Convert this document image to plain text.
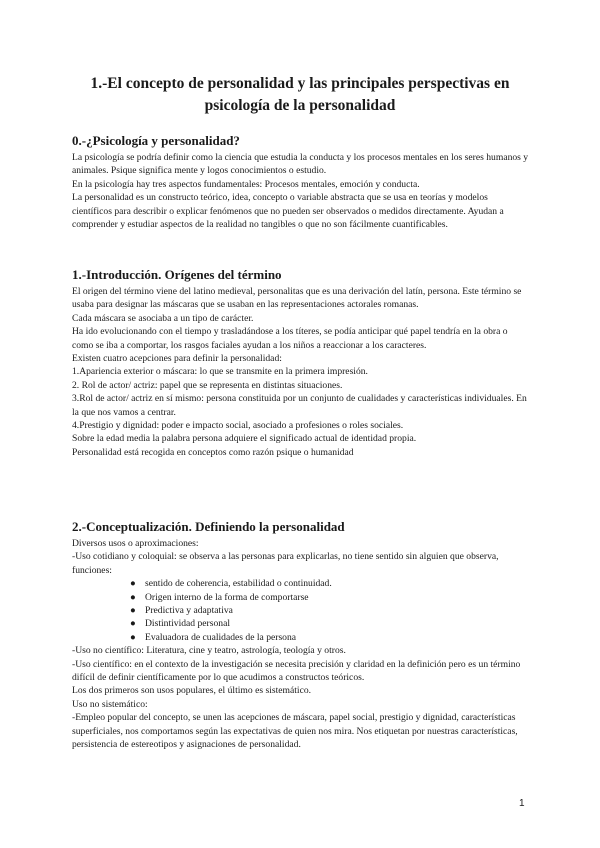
1.-El concepto de personalidad y las principales perspectivas en psicología de la personalidad
0.-¿Psicología y personalidad?

La psicología se podría definir como la ciencia que estudia la conducta y los procesos mentales en los seres humanos y animales. Psique significa mente y logos conocimientos o estudio.

En la psicología hay tres aspectos fundamentales: Procesos mentales, emoción y conducta.

La personalidad es un constructo teórico, idea, concepto o variable abstracta que se usa en teorías y modelos científicos para describir o explicar fenómenos que no pueden ser observados o medidos directamente. Ayudan a comprender y estudiar aspectos de la realidad no tangibles o que no son fácilmente cuantificables.

1.-Introducción. Orígenes del término

El origen del término viene del latino medieval, personalitas que es una derivación del latín, persona. Este término se usaba para designar las máscaras que se usaban en las representaciones actorales romanas.

Cada máscara se asociaba a un tipo de carácter.

Ha ido evolucionando con el tiempo y trasladándose a los títeres, se podía anticipar qué papel tendría en la obra o como se iba a comportar, los rasgos faciales ayudan a los niños a reaccionar a los caracteres.

Existen cuatro acepciones para definir la personalidad:

1.Apariencia exterior o máscara: lo que se transmite en la primera impresión.

2. Rol de actor/ actriz: papel que se representa en distintas situaciones.

3.Rol de actor/ actriz en sí mismo: persona constituida por un conjunto de cualidades y características individuales. En la que nos vamos a centrar.

4.Prestigio y dignidad: poder e impacto social, asociado a profesiones o roles sociales.

Sobre la edad media la palabra persona adquiere el significado actual de identidad propia.

Personalidad está recogida en conceptos como razón psique o humanidad

2.-Conceptualización. Definiendo la personalidad

Diversos usos o aproximaciones:

-Uso cotidiano y coloquial: se observa a las personas para explicarlas, no tiene sentido sin alguien que observa, funciones:

● sentido de coherencia, estabilidad o continuidad.
● Origen interno de la forma de comportarse
● Predictiva y adaptativa
● Distintividad personal
● Evaluadora de cualidades de la persona

-Uso no científico: Literatura, cine y teatro, astrología, teología y otros.

-Uso científico: en el contexto de la investigación se necesita precisión y claridad en la definición pero es un término difícil de definir científicamente por lo que acudimos a constructos teóricos.

Los dos primeros son usos populares, el último es sistemático.

Uso no sistemático:

-Empleo popular del concepto, se unen las acepciones de máscara, papel social, prestigio y dignidad, características superficiales, nos comportamos según las expectativas de quien nos mira. Nos etiquetan por nuestras características, persistencia de estereotipos y asignaciones de personalidad.

1
